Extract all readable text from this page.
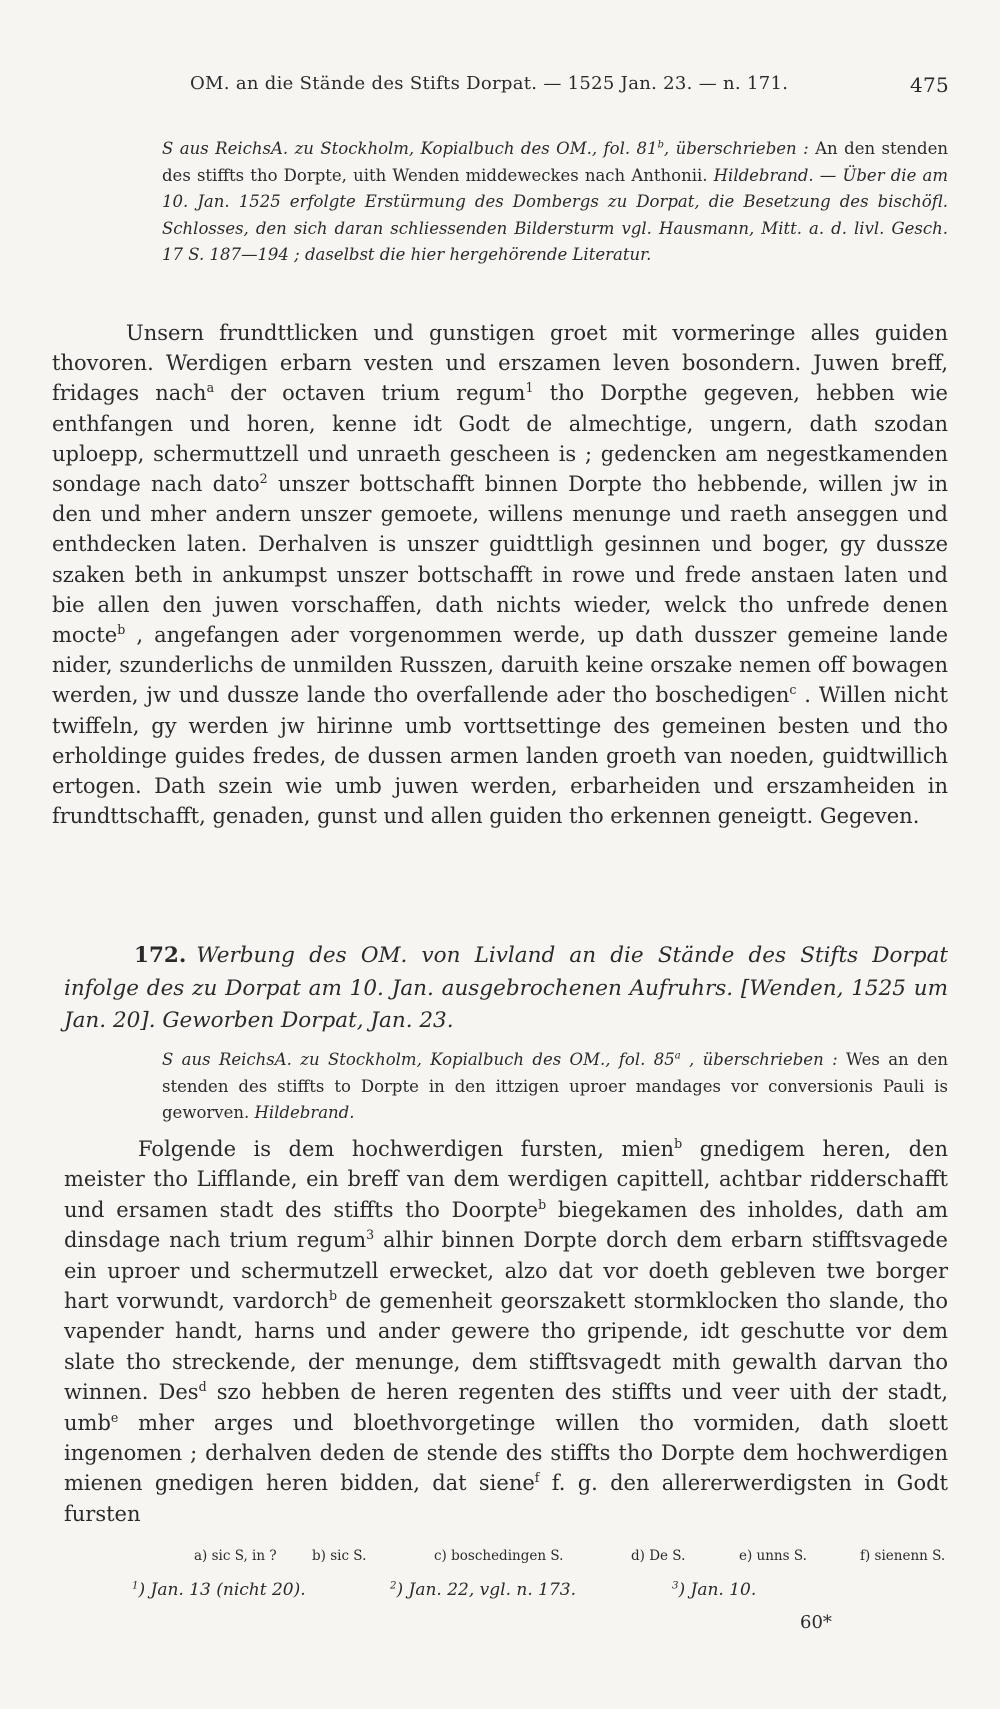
OM. an die Stände des Stifts Dorpat. — 1525 Jan. 23. — n. 171.	475
S aus ReichsA. zu Stockholm, Kopialbuch des OM., fol. 81$^b$, überschrieben : An den stenden des stiffts tho Dorpte, uith Wenden middeweckes nach Anthonii. Hildebrand. — Über die am 10. Jan. 1525 erfolgte Erstürmung des Dombergs zu Dorpat, die Besetzung des bischöfl. Schlosses, den sich daran schliessenden Bildersturm vgl. Hausmann, Mitt. a. d. livl. Gesch. 17 S. 187—194 ; daselbst die hier hergehörende Literatur.

Unsern frundttlicken und gunstigen groet mit vormeringe alles guiden thovoren. Werdigen erbarn vesten und erszamen leven bosondern. Juwen breff, fridages nach$^a$ der octaven trium regum$^1$ tho Dorpthe gegeven, hebben wie enthfangen und horen, kenne idt Godt de almechtige, ungern, dath szodan uploepp, schermuttzell und unraeth gescheen is ; gedencken am negestkamenden sondage nach dato$^2$ unszer bottschafft binnen Dorpte tho hebbende, willen jw in den und mher andern unszer gemoete, willens menunge und raeth anseggen und enthdecken laten. Derhalven is unszer guidttligh gesinnen und boger, gy dussze szaken beth in ankumpst unszer bottschafft in rowe und frede anstaen laten und bie allen den juwen vorschaffen, dath nichts wieder, welck tho unfrede denen mocte$^b$ , angefangen ader vorgenommen werde, up dath dusszer gemeine lande nider, szunderlichs de unmilden Russzen, daruith keine orszake nemen off bowagen werden, jw und dussze lande tho overfallende ader tho boschedigen$^c$ . Willen nicht twiffeln, gy werden jw hirinne umb vorttsettinge des gemeinen besten und tho erholdinge guides fredes, de dussen armen landen groeth van noeden, guidtwillich ertogen. Dath szein wie umb juwen werden, erbarheiden und erszamheiden in frundttschafft, genaden, gunst und allen guiden tho erkennen geneigtt. Gegeven.

172. Werbung des OM. von Livland an die Stände des Stifts Dorpat infolge des zu Dorpat am 10. Jan. ausgebrochenen Aufruhrs. [Wenden, 1525 um Jan. 20]. Geworben Dorpat, Jan. 23.
S aus ReichsA. zu Stockholm, Kopialbuch des OM., fol. 85$^a$ , überschrieben : Wes an den stenden des stiffts to Dorpte in den ittzigen uproer mandages vor conversionis Pauli is geworven. Hildebrand.

Folgende is dem hochwerdigen fursten, mien$^b$ gnedigem heren, den meister tho Lifflande, ein breff van dem werdigen capittell, achtbar ridderschafft und ersamen stadt des stiffts tho Doorpte$^b$ biegekamen des inholdes, dath am dinsdage nach trium regum$^3$ alhir binnen Dorpte dorch dem erbarn stifftsvagede ein uproer und schermutzell erwecket, alzo dat vor doeth gebleven twe borger hart vorwundt, vardorch$^b$ de gemenheit georszakett stormklocken tho slande, tho vapender handt, harns und ander gewere tho gripende, idt geschutte vor dem slate tho streckende, der menunge, dem stifftsvagedt mith gewalth darvan tho winnen. Des$^d$ szo hebben de heren regenten des stiffts und veer uith der stadt, umb$^e$ mher arges und bloethvorgetinge willen tho vormiden, dath sloett ingenomen ; derhalven deden de stende des stiffts tho Dorpte dem hochwerdigen mienen gnedigen heren bidden, dat siene$^f$ f. g. den allererwerdigsten in Godt fursten

a) sic S, in ?	b) sic S.	c) boschedingen S.	d) De S.	e) unns S.	f) sienenn S.
$^1$ ) Jan. 13 (nicht 20).	$^2$ ) Jan. 22, vgl. n. 173.	$^3$ ) Jan. 10.
60*
